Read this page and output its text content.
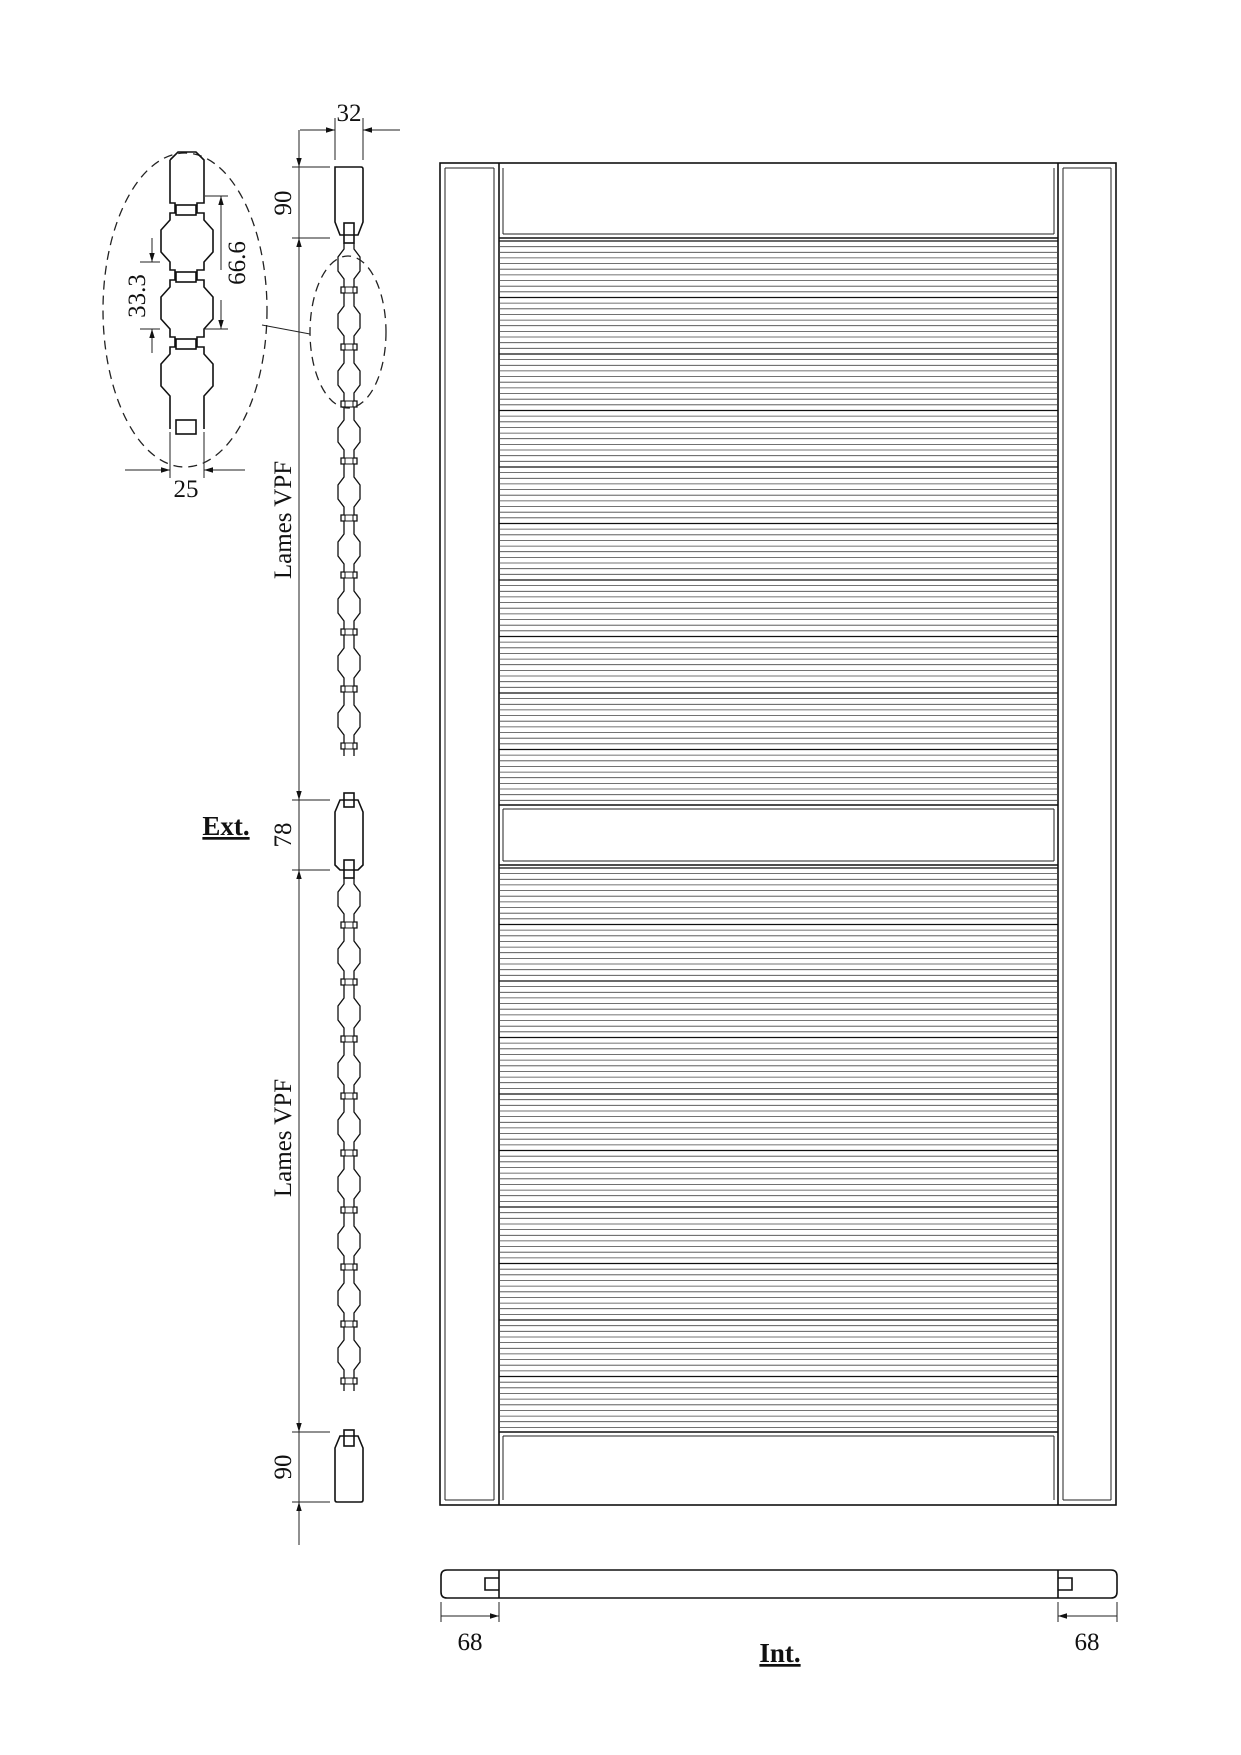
68	68
Int.
32
90
78
90
Lames VPF
Lames VPF
Ext.
33.3
66.6
25
